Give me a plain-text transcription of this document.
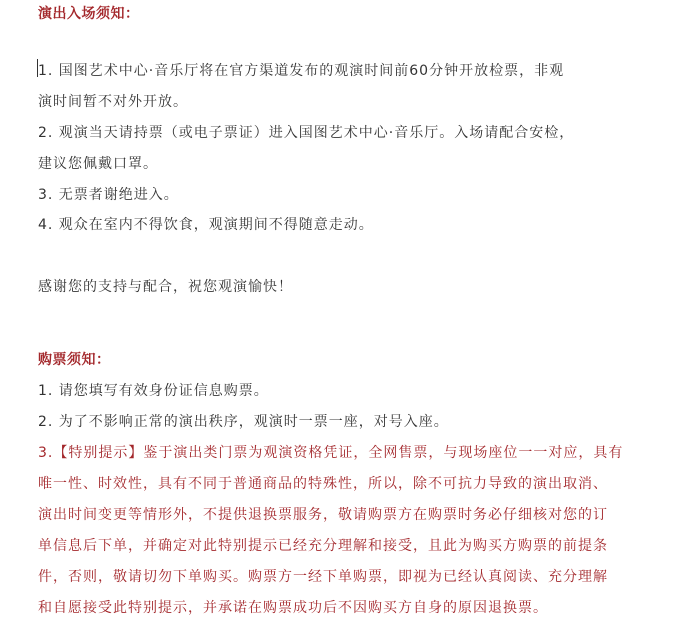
演出入场须知：
1. 国图艺术中心·音乐厅将在官方渠道发布的观演时间前60分钟开放检票，非观
演时间暂不对外开放。
2. 观演当天请持票（或电子票证）进入国图艺术中心·音乐厅。入场请配合安检，
建议您佩戴口罩。
3. 无票者谢绝进入。
4. 观众在室内不得饮食，观演期间不得随意走动。
感谢您的支持与配合，祝您观演愉快！
购票须知：
1. 请您填写有效身份证信息购票。
2. 为了不影响正常的演出秩序，观演时一票一座，对号入座。
3.【特别提示】鉴于演出类门票为观演资格凭证，全网售票，与现场座位一一对应，具有
唯一性、时效性，具有不同于普通商品的特殊性，所以，除不可抗力导致的演出取消、
演出时间变更等情形外，不提供退换票服务，敬请购票方在购票时务必仔细核对您的订
单信息后下单，并确定对此特别提示已经充分理解和接受，且此为购买方购票的前提条
件，否则，敬请切勿下单购买。购票方一经下单购票，即视为已经认真阅读、充分理解
和自愿接受此特别提示，并承诺在购票成功后不因购买方自身的原因退换票。
